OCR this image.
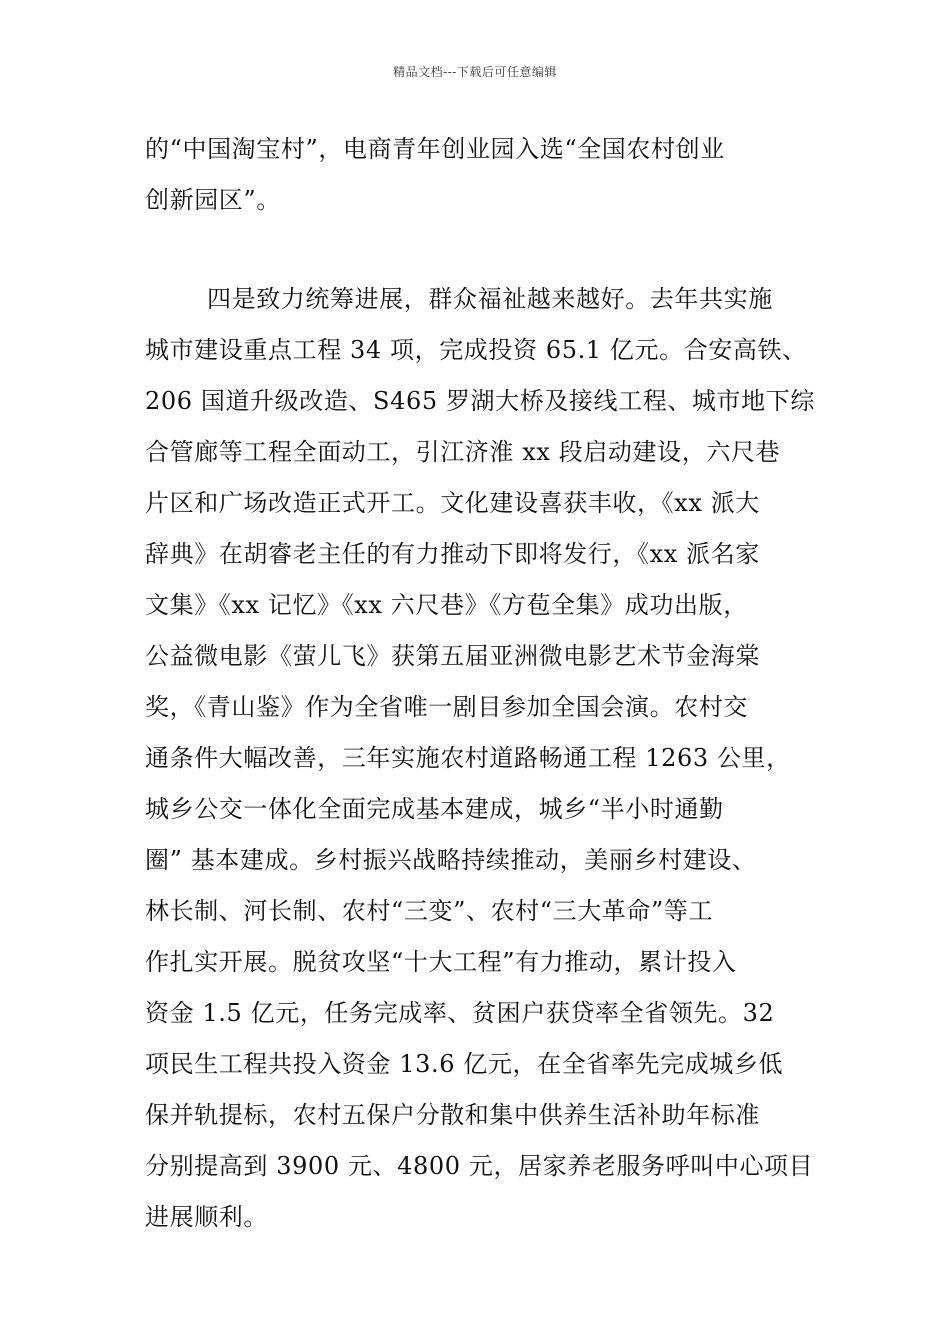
精品文档---下载后可任意编辑
的“中国淘宝村”，电商青年创业园入选“全国农村创业
创新园区”。
四是致力统筹进展，群众福祉越来越好。去年共实施
城市建设重点工程 34 项，完成投资 65.1 亿元。合安高铁、
206 国道升级改造、S465 罗湖大桥及接线工程、城市地下综
合管廊等工程全面动工，引江济淮 xx 段启动建设，六尺巷
片区和广场改造正式开工。文化建设喜获丰收，《xx 派大
辞典》在胡睿老主任的有力推动下即将发行，《xx 派名家
文集》《xx 记忆》《xx 六尺巷》《方苞全集》成功出版，
公益微电影《萤儿飞》获第五届亚洲微电影艺术节金海棠
奖，《青山鉴》作为全省唯一剧目参加全国会演。农村交
通条件大幅改善，三年实施农村道路畅通工程 1263 公里，
城乡公交一体化全面完成基本建成，城乡“半小时通勤
圈” 基本建成。乡村振兴战略持续推动，美丽乡村建设、
林长制、河长制、农村“三变”、农村“三大革命”等工
作扎实开展。脱贫攻坚“十大工程”有力推动，累计投入
资金 1.5 亿元，任务完成率、贫困户获贷率全省领先。32
项民生工程共投入资金 13.6 亿元，在全省率先完成城乡低
保并轨提标，农村五保户分散和集中供养生活补助年标准
分别提高到 3900 元、4800 元，居家养老服务呼叫中心项目
进展顺利。
